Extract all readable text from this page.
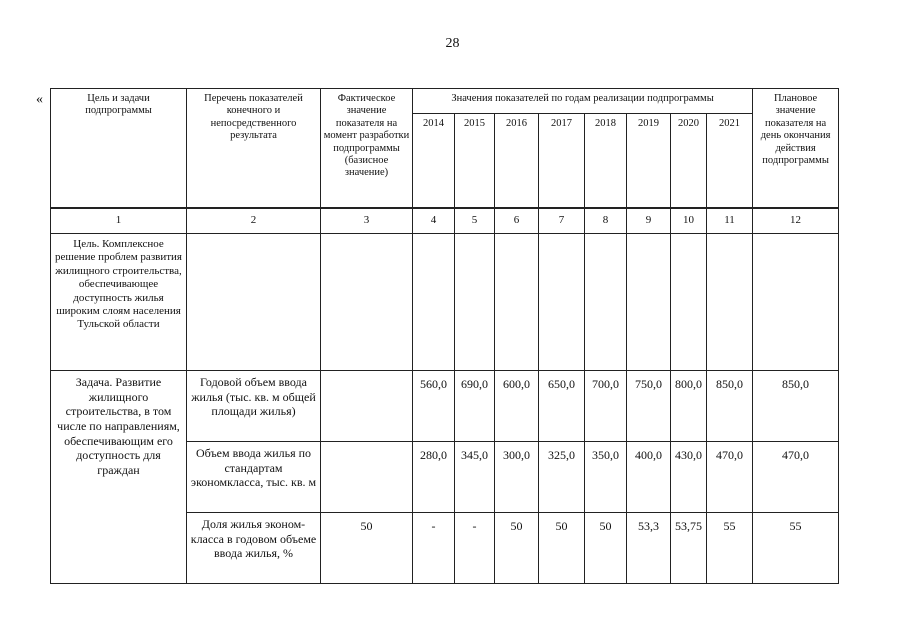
28
«	Цель и задачи подпрограммы	Перечень показателей конечного и непосредственного результата	Фактическое значение показателя на момент разработки подпрограммы (базисное значение)	Значения показателей по годам реализации подпрограммы								Плановое значение показателя на день окончания действия подпрограммы
			2014	2015	2016	2017	2018	2019	2020	2021	
1	2	3	4	5	6	7	8	9	10	11	12
Цель. Комплексное решение проблем развития жилищного строительства, обеспечивающее доступность жилья широким слоям населения Тульской области											
Задача. Развитие жилищного строительства, в том числе по направлениям, обеспечивающим его доступность для граждан	Годовой объем ввода жилья (тыс. кв. м общей площади жилья)		560,0	690,0	600,0	650,0	700,0	750,0	800,0	850,0	850,0
	Объем ввода жилья по стандартам экономкласса, тыс. кв. м		280,0	345,0	300,0	325,0	350,0	400,0	430,0	470,0	470,0
	Доля жилья эконом-класса в годовом объеме ввода жилья, %	50	-	-	50	50	50	53,3	53,75	55	55
